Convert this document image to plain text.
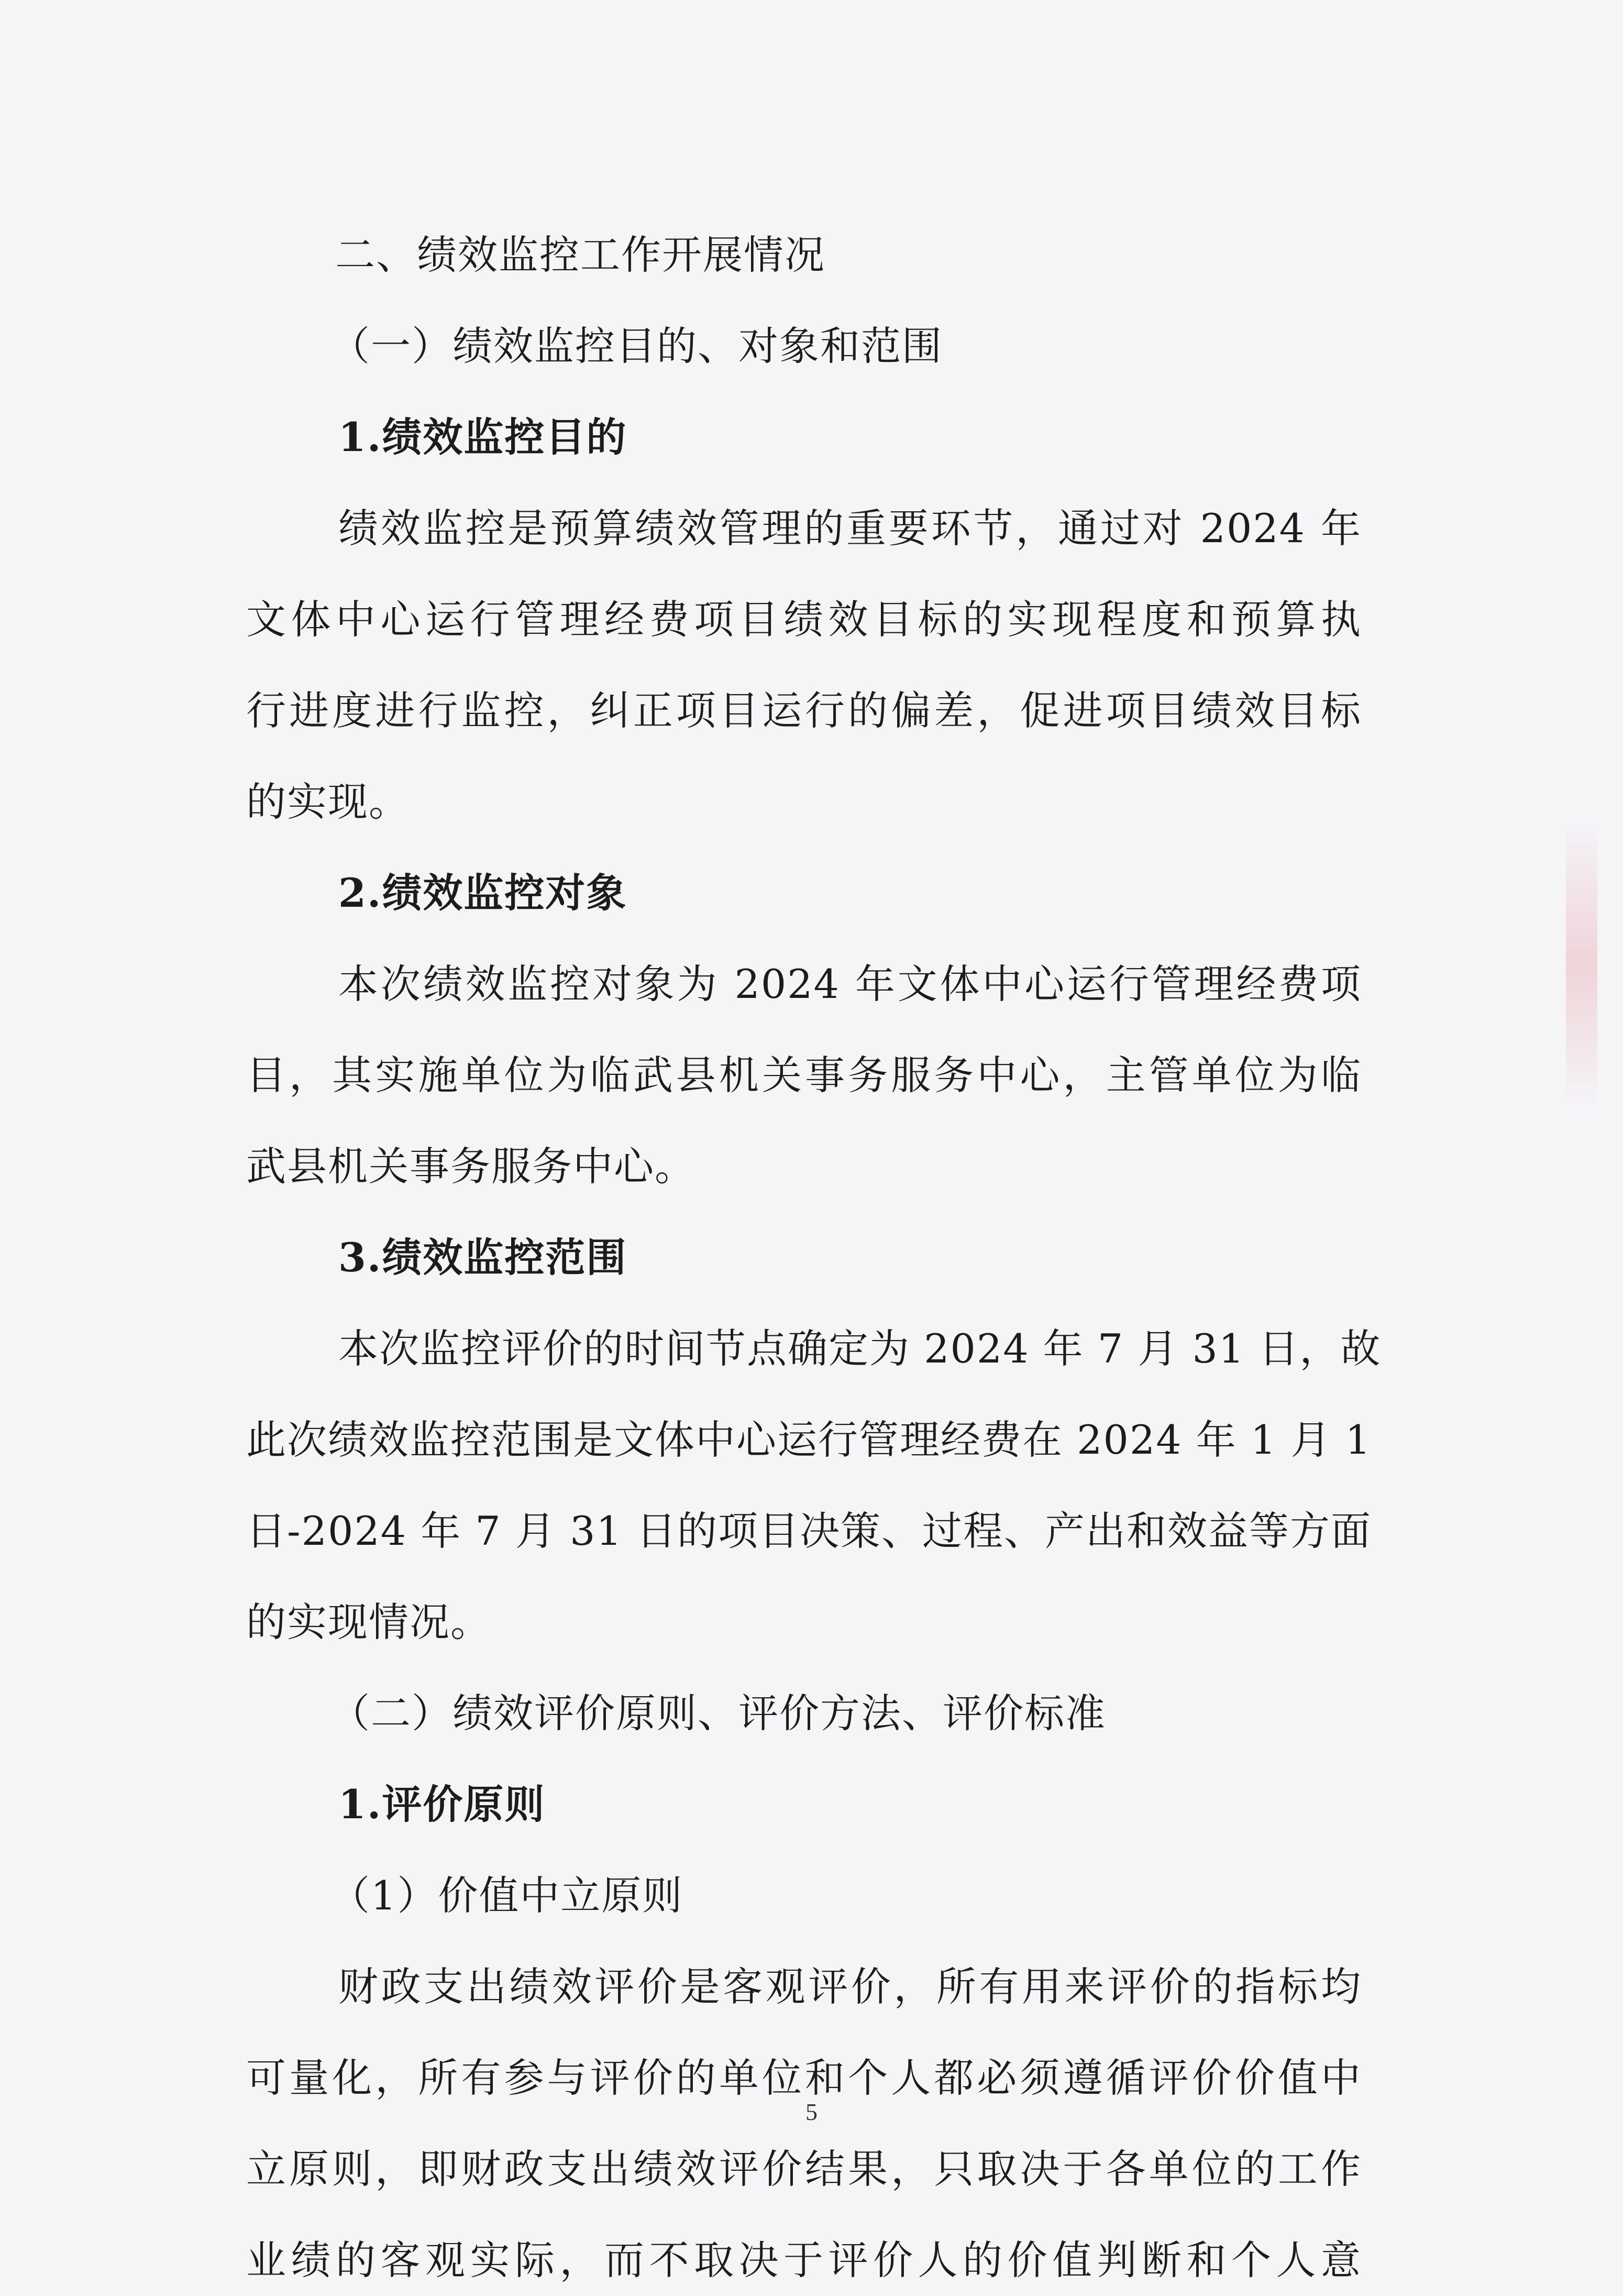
二、绩效监控工作开展情况

（一）绩效监控目的、对象和范围

1.绩效监控目的

绩效监控是预算绩效管理的重要环节，通过对 2024 年

文体中心运行管理经费项目绩效目标的实现程度和预算执

行进度进行监控，纠正项目运行的偏差，促进项目绩效目标

的实现。

2.绩效监控对象

本次绩效监控对象为 2024 年文体中心运行管理经费项

目，其实施单位为临武县机关事务服务中心，主管单位为临

武县机关事务服务中心。

3.绩效监控范围

本次监控评价的时间节点确定为 2024 年 7 月 31 日，故

此次绩效监控范围是文体中心运行管理经费在 2024 年 1 月 1

日-2024 年 7 月 31 日的项目决策、过程、产出和效益等方面

的实现情况。

（二）绩效评价原则、评价方法、评价标准

1.评价原则

（1）价值中立原则

财政支出绩效评价是客观评价，所有用来评价的指标均

可量化，所有参与评价的单位和个人都必须遵循评价价值中

立原则，即财政支出绩效评价结果，只取决于各单位的工作

业绩的客观实际，而不取决于评价人的价值判断和个人意

5
